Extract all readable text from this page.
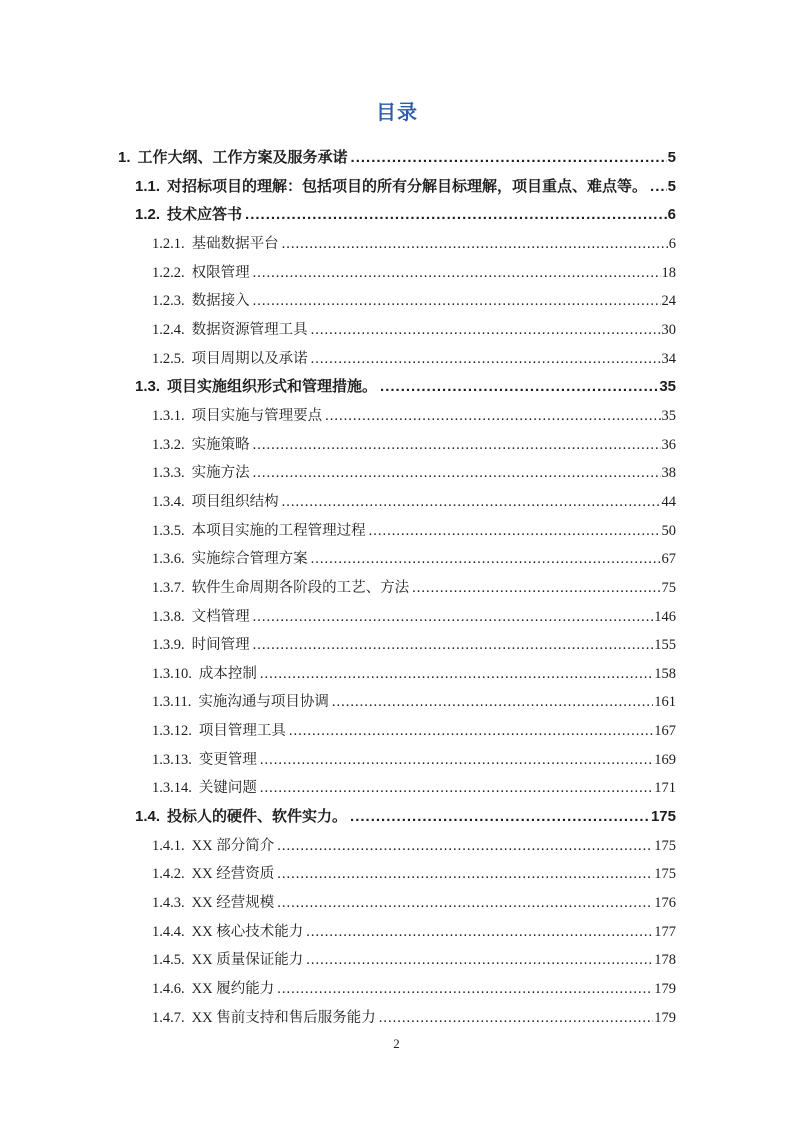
目录
1. 工作大纲、工作方案及服务承诺 .....	5
1.1. 对招标项目的理解：包括项目的所有分解目标理解，项目重点、难点等。 ..... 5
1.2. 技术应答书 .....	6
1.2.1. 基础数据平台 .....	6
1.2.2. 权限管理 .....	18
1.2.3. 数据接入 .....	24
1.2.4. 数据资源管理工具 .....	30
1.2.5. 项目周期以及承诺 .....	34
1.3. 项目实施组织形式和管理措施。 .....	35
1.3.1. 项目实施与管理要点 .....	35
1.3.2. 实施策略 .....	36
1.3.3. 实施方法 .....	38
1.3.4. 项目组织结构 .....	44
1.3.5. 本项目实施的工程管理过程 .....	50
1.3.6. 实施综合管理方案 .....	67
1.3.7. 软件生命周期各阶段的工艺、方法 .....	75
1.3.8. 文档管理 .....	146
1.3.9. 时间管理 .....	155
1.3.10. 成本控制 .....	158
1.3.11. 实施沟通与项目协调 .....	161
1.3.12. 项目管理工具 .....	167
1.3.13. 变更管理 .....	169
1.3.14. 关键问题 .....	171
1.4. 投标人的硬件、软件实力。 .....	175
1.4.1. XX 部分简介 .....	175
1.4.2. XX 经营资质 .....	175
1.4.3. XX 经营规模 .....	176
1.4.4. XX 核心技术能力 .....	177
1.4.5. XX 质量保证能力 .....	178
1.4.6. XX 履约能力 .....	179
1.4.7. XX 售前支持和售后服务能力 .....	179
2
